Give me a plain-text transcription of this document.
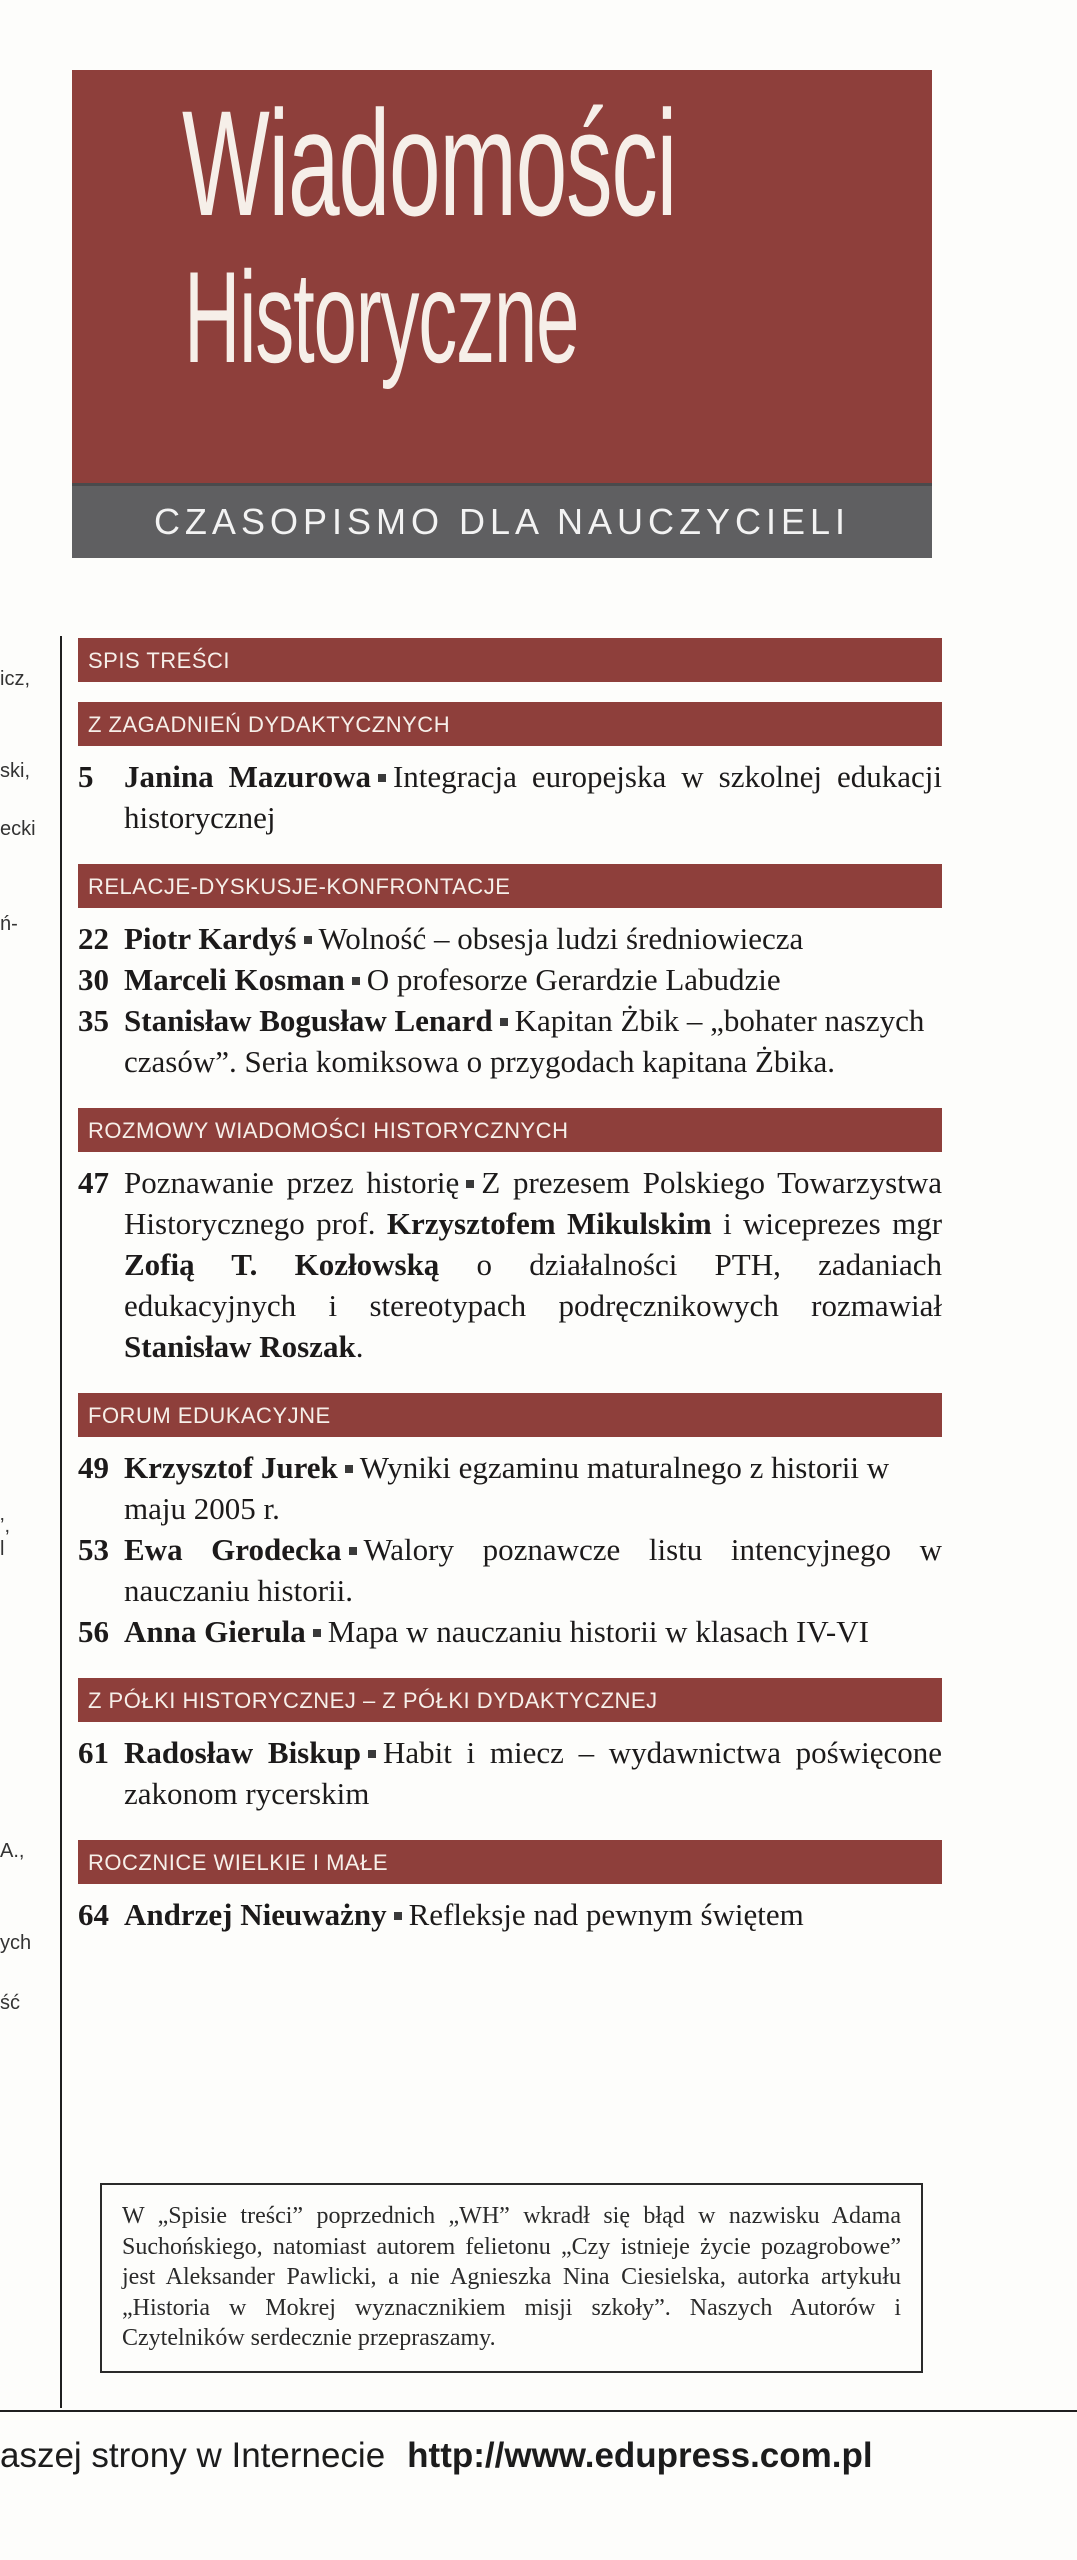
Wiadomości
Historyczne
CZASOPISMO DLA NAUCZYCIELI
icz,
ski,
ecki
ń-
’,
l
A.,
ych
ść
SPIS TREŚCI
Z ZAGADNIEŃ DYDAKTYCZNYCH
5 Janina Mazurowa Integracja europejska w szkolnej edukacji historycznej
RELACJE-DYSKUSJE-KONFRONTACJE
22 Piotr Kardyś Wolność – obsesja ludzi średniowiecza
30 Marceli Kosman O profesorze Gerardzie Labudzie
35 Stanisław Bogusław Lenard Kapitan Żbik – „bohater naszych czasów”. Seria komiksowa o przygodach kapitana Żbika.
ROZMOWY WIADOMOŚCI HISTORYCZNYCH
47 Poznawanie przez historię Z prezesem Polskiego Towarzystwa Historycznego prof. Krzysztofem Mikulskim i wiceprezes mgr Zofią T. Kozłowską o działalności PTH, zadaniach edukacyjnych i stereotypach podręcznikowych rozmawiał Stanisław Roszak.
FORUM EDUKACYJNE
49 Krzysztof Jurek Wyniki egzaminu maturalnego z historii w maju 2005 r.
53 Ewa Grodecka Walory poznawcze listu intencyjnego w nauczaniu historii.
56 Anna Gierula Mapa w nauczaniu historii w klasach IV-VI
Z PÓŁKI HISTORYCZNEJ – Z PÓŁKI DYDAKTYCZNEJ
61 Radosław Biskup Habit i miecz – wydawnictwa poświęcone zakonom rycerskim
ROCZNICE WIELKIE I MAŁE
64 Andrzej Nieuważny Refleksje nad pewnym świętem
W „Spisie treści” poprzednich „WH” wkradł się błąd w nazwisku Adama Suchońskiego, natomiast autorem felietonu „Czy istnieje życie pozagrobowe” jest Aleksander Pawlicki, a nie Agnieszka Nina Ciesielska, autorka artykułu „Historia w Mokrej wyznacznikiem misji szkoły”. Naszych Autorów i Czytelników serdecznie przepraszamy.
aszej strony w Internecie http://www.edupress.com.pl
